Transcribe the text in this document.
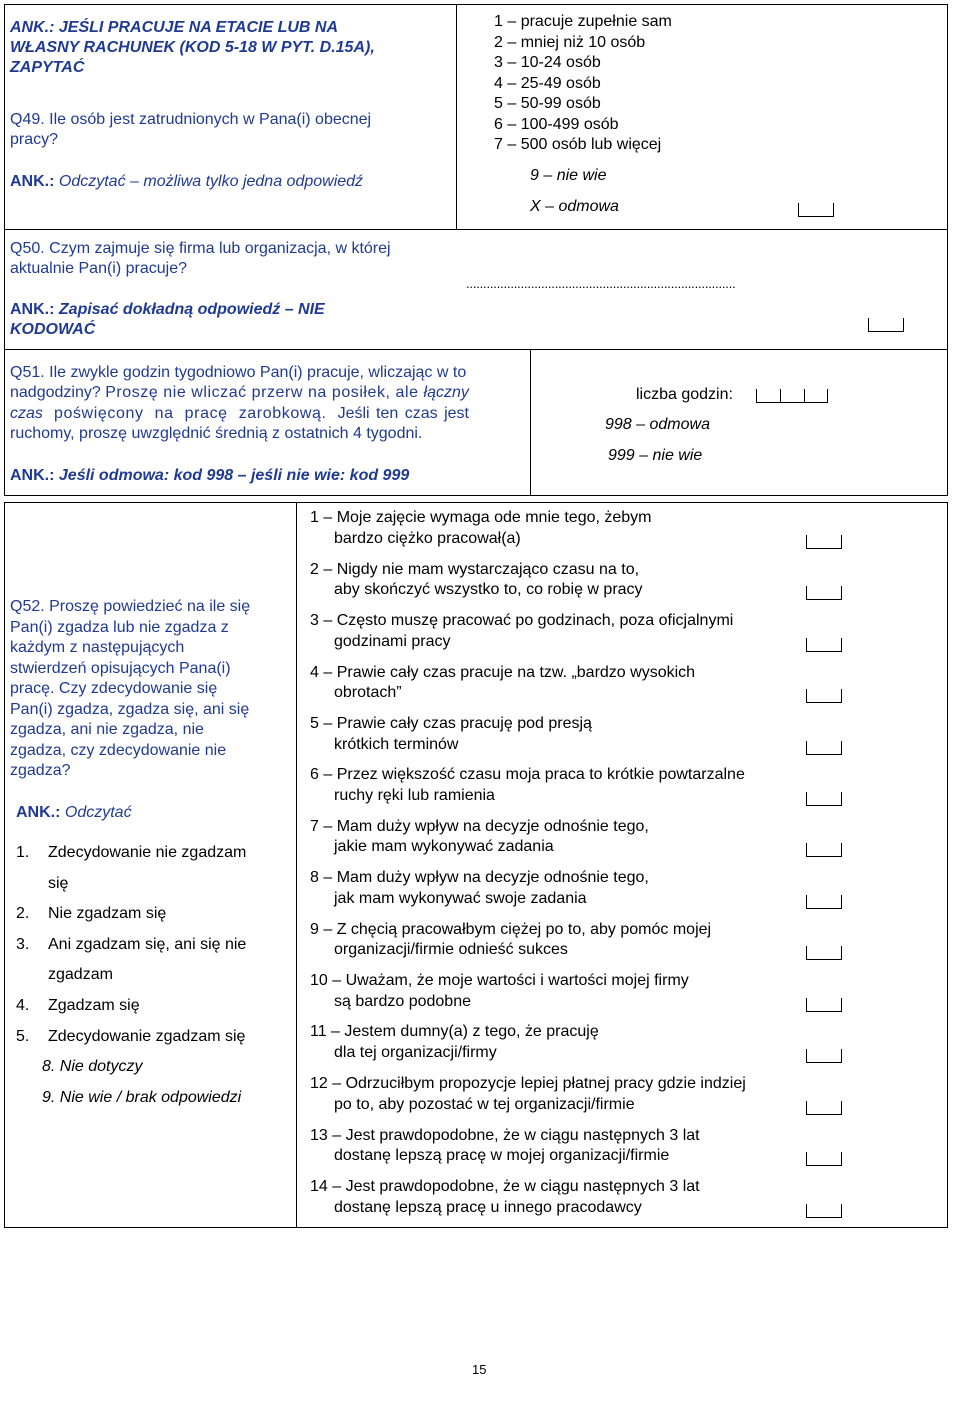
ANK.: JEŚLI PRACUJE NA ETACIE LUB NA
WŁASNY RACHUNEK (KOD 5-18 W PYT. D.15A),
ZAPYTAĆ
Q49. Ile osób jest zatrudnionych w Pana(i) obecnej
pracy?
ANK.: Odczytać – możliwa tylko jedna odpowiedź
1 – pracuje zupełnie sam
2 – mniej niż 10 osób
3 – 10-24 osób
4 – 25-49 osób
5 – 50-99 osób
6 – 100-499 osób
7 – 500 osób lub więcej
9 – nie wie
X – odmowa
Q50. Czym zajmuje się firma lub organizacja, w której
aktualnie Pan(i) pracuje?
ANK.: Zapisać dokładną odpowiedź – NIE
KODOWAĆ
...............................................................................
Q51. Ile zwykle godzin tygodniowo Pan(i) pracuje, wliczając w to
nadgodziny? Proszę nie wliczać przerw na posiłek, ale łączny
czas poświęcony na pracę zarobkową. Jeśli ten czas jest
ruchomy, proszę uwzględnić średnią z ostatnich 4 tygodni.
ANK.: Jeśli odmowa: kod 998 – jeśli nie wie: kod 999
liczba godzin:
998 – odmowa
999 – nie wie
Q52. Proszę powiedzieć na ile się
Pan(i) zgadza lub nie zgadza z
każdym z następujących
stwierdzeń opisujących Pana(i)
pracę. Czy zdecydowanie się
Pan(i) zgadza, zgadza się, ani się
zgadza, ani nie zgadza, nie
zgadza, czy zdecydowanie nie
zgadza?
ANK.: Odczytać
1. Zdecydowanie nie zgadzam
się
2. Nie zgadzam się
3. Ani zgadzam się, ani się nie
zgadzam
4. Zgadzam się
5. Zdecydowanie zgadzam się
8. Nie dotyczy
9. Nie wie / brak odpowiedzi
1 – Moje zajęcie wymaga ode mnie tego, żebym
bardzo ciężko pracował(a)
2 – Nigdy nie mam wystarczająco czasu na to,
aby skończyć wszystko to, co robię w pracy
3 – Często muszę pracować po godzinach, poza oficjalnymi
godzinami pracy
4 – Prawie cały czas pracuje na tzw. „bardzo wysokich
obrotach”
5 – Prawie cały czas pracuję pod presją
krótkich terminów
6 – Przez większość czasu moja praca to krótkie powtarzalne
ruchy ręki lub ramienia
7 – Mam duży wpływ na decyzje odnośnie tego,
jakie mam wykonywać zadania
8 – Mam duży wpływ na decyzje odnośnie tego,
jak mam wykonywać swoje zadania
9 – Z chęcią pracowałbym ciężej po to, aby pomóc mojej
organizacji/firmie odnieść sukces
10 – Uważam, że moje wartości i wartości mojej firmy
są bardzo podobne
11 – Jestem dumny(a) z tego, że pracuję
dla tej organizacji/firmy
12 – Odrzuciłbym propozycje lepiej płatnej pracy gdzie indziej
po to, aby pozostać w tej organizacji/firmie
13 – Jest prawdopodobne, że w ciągu następnych 3 lat
dostanę lepszą pracę w mojej organizacji/firmie
14 – Jest prawdopodobne, że w ciągu następnych 3 lat
dostanę lepszą pracę u innego pracodawcy
15
